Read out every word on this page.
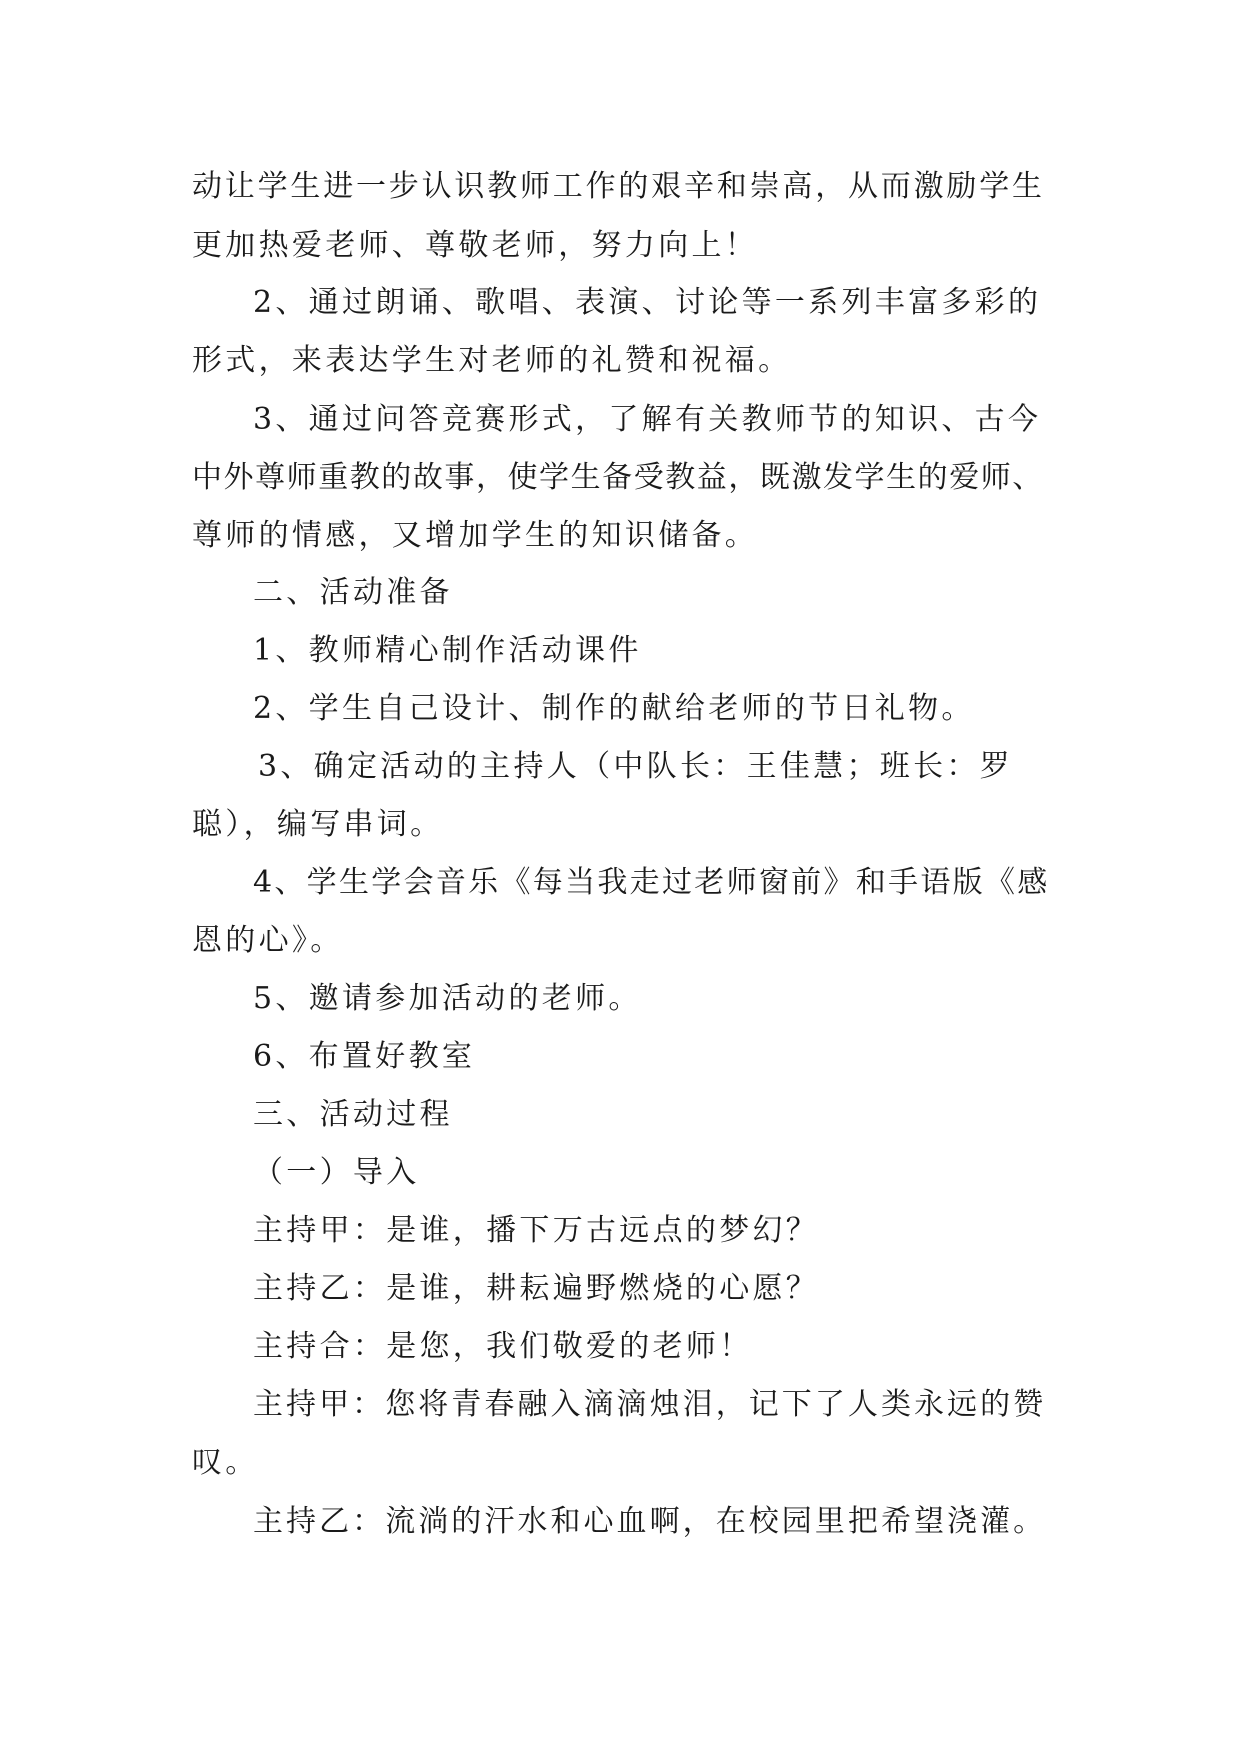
动让学生进一步认识教师工作的艰辛和崇高，从而激励学生

更加热爱老师、尊敬老师，努力向上！

2、通过朗诵、歌唱、表演、讨论等一系列丰富多彩的

形式，来表达学生对老师的礼赞和祝福。

3、通过问答竞赛形式，了解有关教师节的知识、古今

中外尊师重教的故事，使学生备受教益，既激发学生的爱师、

尊师的情感，又增加学生的知识储备。

二、活动准备

1、教师精心制作活动课件

2、学生自己设计、制作的献给老师的节日礼物。

3、确定活动的主持人（中队长：王佳慧；班长：罗

聪），编写串词。

4、学生学会音乐《每当我走过老师窗前》和手语版《感

恩的心》。

5、邀请参加活动的老师。

6、布置好教室

三、活动过程

（一）导入

主持甲：是谁，播下万古远点的梦幻？

主持乙：是谁，耕耘遍野燃烧的心愿？

主持合：是您，我们敬爱的老师！

主持甲：您将青春融入滴滴烛泪，记下了人类永远的赞

叹。

主持乙：流淌的汗水和心血啊，在校园里把希望浇灌。
